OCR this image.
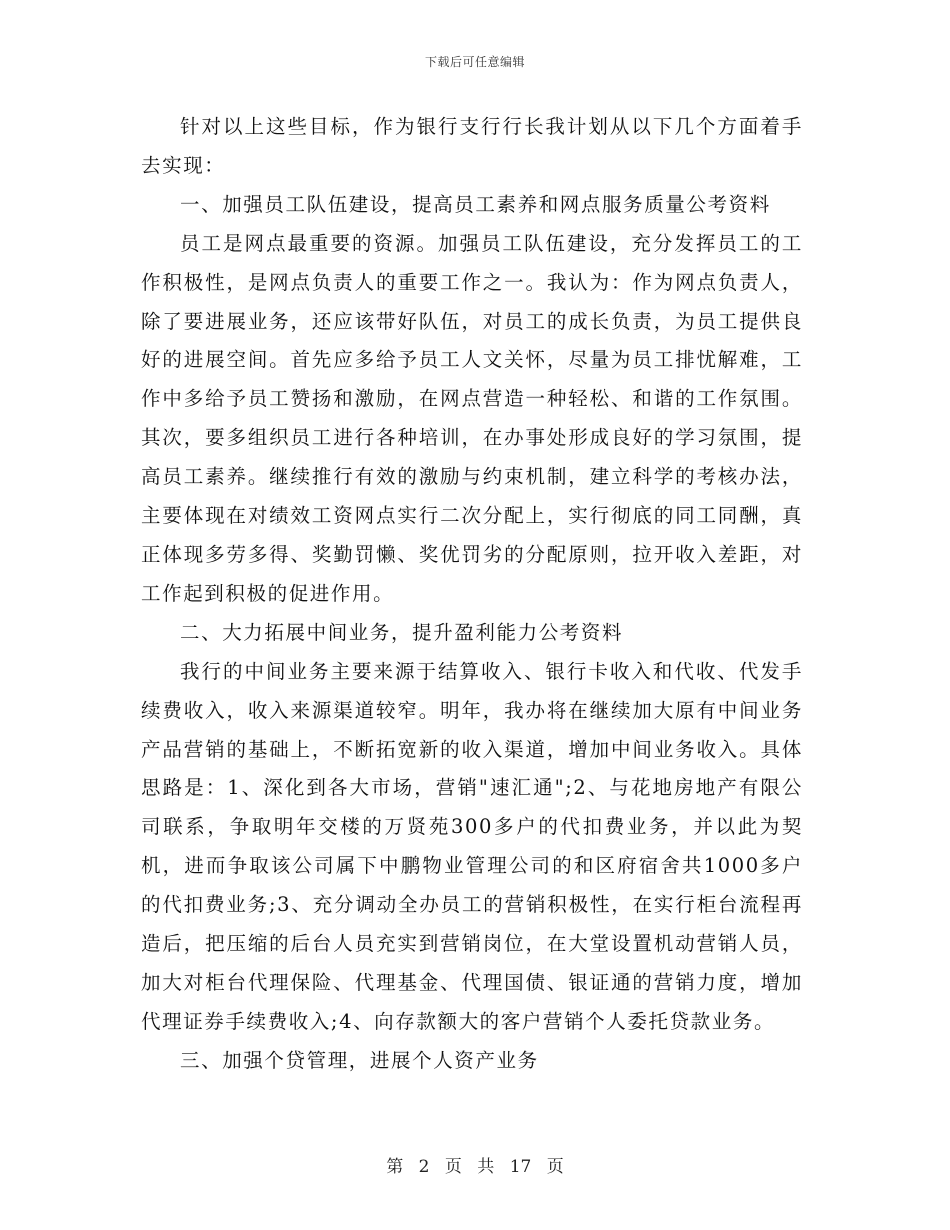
下载后可任意编辑

针对以上这些目标，作为银行支行行长我计划从以下几个方面着手去实现：

一、加强员工队伍建设，提高员工素养和网点服务质量公考资料

员工是网点最重要的资源。加强员工队伍建设，充分发挥员工的工作积极性，是网点负责人的重要工作之一。我认为：作为网点负责人，除了要进展业务，还应该带好队伍，对员工的成长负责，为员工提供良好的进展空间。首先应多给予员工人文关怀，尽量为员工排忧解难，工作中多给予员工赞扬和激励，在网点营造一种轻松、和谐的工作氛围。其次，要多组织员工进行各种培训，在办事处形成良好的学习氛围，提高员工素养。继续推行有效的激励与约束机制，建立科学的考核办法，主要体现在对绩效工资网点实行二次分配上，实行彻底的同工同酬，真正体现多劳多得、奖勤罚懒、奖优罚劣的分配原则，拉开收入差距，对工作起到积极的促进作用。

二、大力拓展中间业务，提升盈利能力公考资料

我行的中间业务主要来源于结算收入、银行卡收入和代收、代发手续费收入，收入来源渠道较窄。明年，我办将在继续加大原有中间业务产品营销的基础上，不断拓宽新的收入渠道，增加中间业务收入。具体思路是：1、深化到各大市场，营销"速汇通";2、与花地房地产有限公司联系，争取明年交楼的万贤苑300多户的代扣费业务，并以此为契机，进而争取该公司属下中鹏物业管理公司的和区府宿舍共1000多户的代扣费业务;3、充分调动全办员工的营销积极性，在实行柜台流程再造后，把压缩的后台人员充实到营销岗位，在大堂设置机动营销人员，加大对柜台代理保险、代理基金、代理国债、银证通的营销力度，增加代理证券手续费收入;4、向存款额大的客户营销个人委托贷款业务。

三、加强个贷管理，进展个人资产业务

第 2 页 共 17 页
